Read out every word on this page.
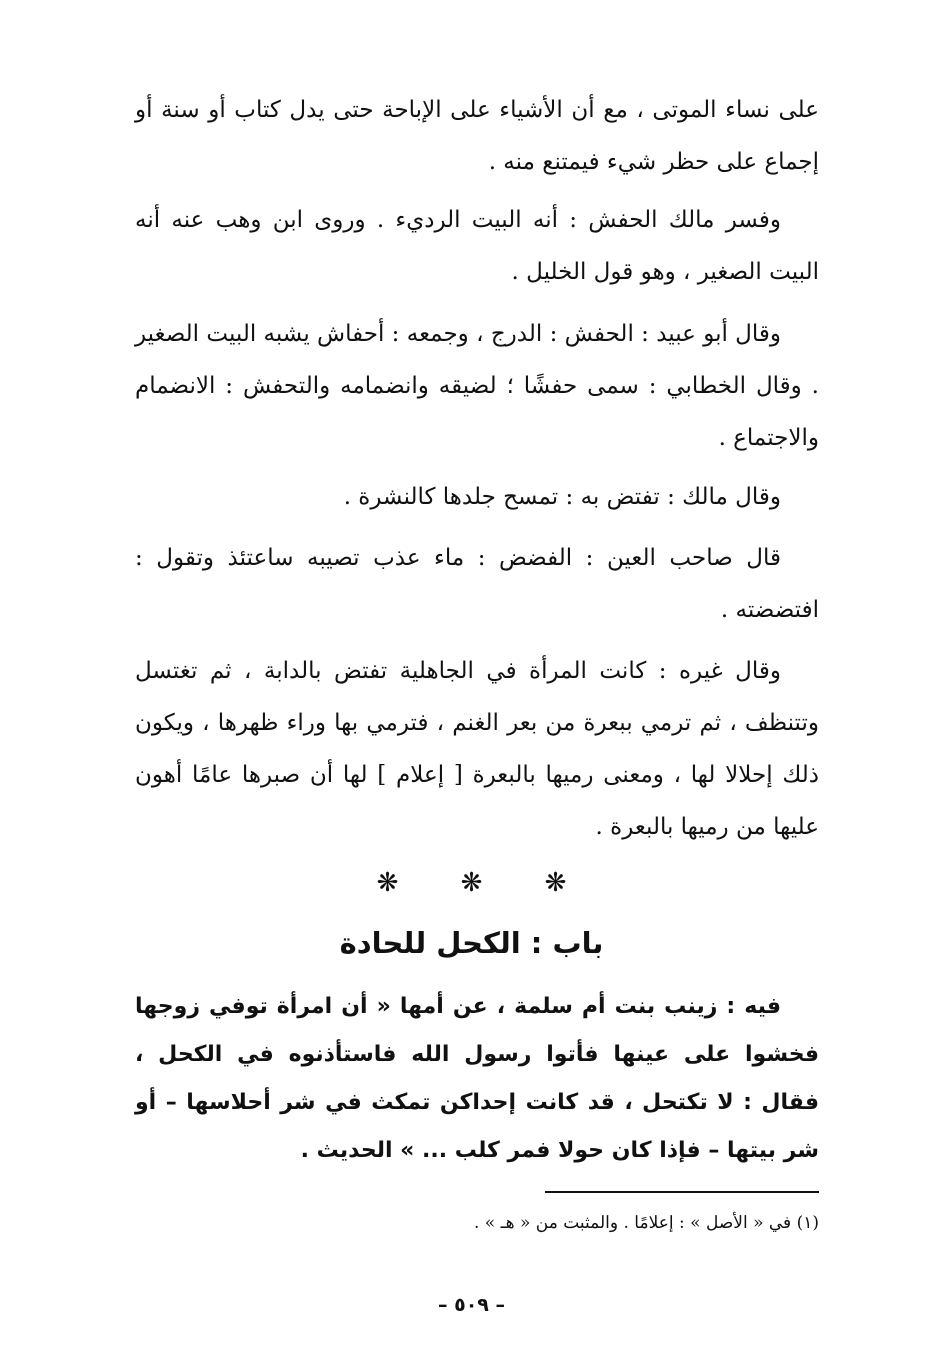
على نساء الموتى ، مع أن الأشياء على الإباحة حتى يدل كتاب أو سنة أو إجماع على حظر شيء فيمتنع منه .

وفسر مالك الحفش : أنه البيت الرديء . وروى ابن وهب عنه أنه البيت الصغير ، وهو قول الخليل .

وقال أبو عبيد : الحفش : الدرج ، وجمعه : أحفاش يشبه البيت الصغير . وقال الخطابي : سمى حفشًا ؛ لضيقه وانضمامه والتحفش : الانضمام والاجتماع .

وقال مالك : تفتض به : تمسح جلدها كالنشرة .

قال صاحب العين : الفضض : ماء عذب تصيبه ساعتئذ وتقول : افتضضته .

وقال غيره : كانت المرأة في الجاهلية تفتض بالدابة ، ثم تغتسل وتتنظف ، ثم ترمي ببعرة من بعر الغنم ، فترمي بها وراء ظهرها ، ويكون ذلك إحلالا لها ، ومعنى رميها بالبعرة [ إعلام ] لها أن صبرها عامًا أهون عليها من رميها بالبعرة .

❋ ❋ ❋
باب : الكحل للحادة

فيه : زينب بنت أم سلمة ، عن أمها « أن امرأة توفي زوجها فخشوا على عينها فأتوا رسول الله فاستأذنوه في الكحل ، فقال : لا تكتحل ، قد كانت إحداكن تمكث في شر أحلاسها – أو شر بيتها – فإذا كان حولا فمر كلب ... » الحديث .

(١) في « الأصل » : إعلامًا . والمثبت من « هـ » .

– ٥٠٩ –
